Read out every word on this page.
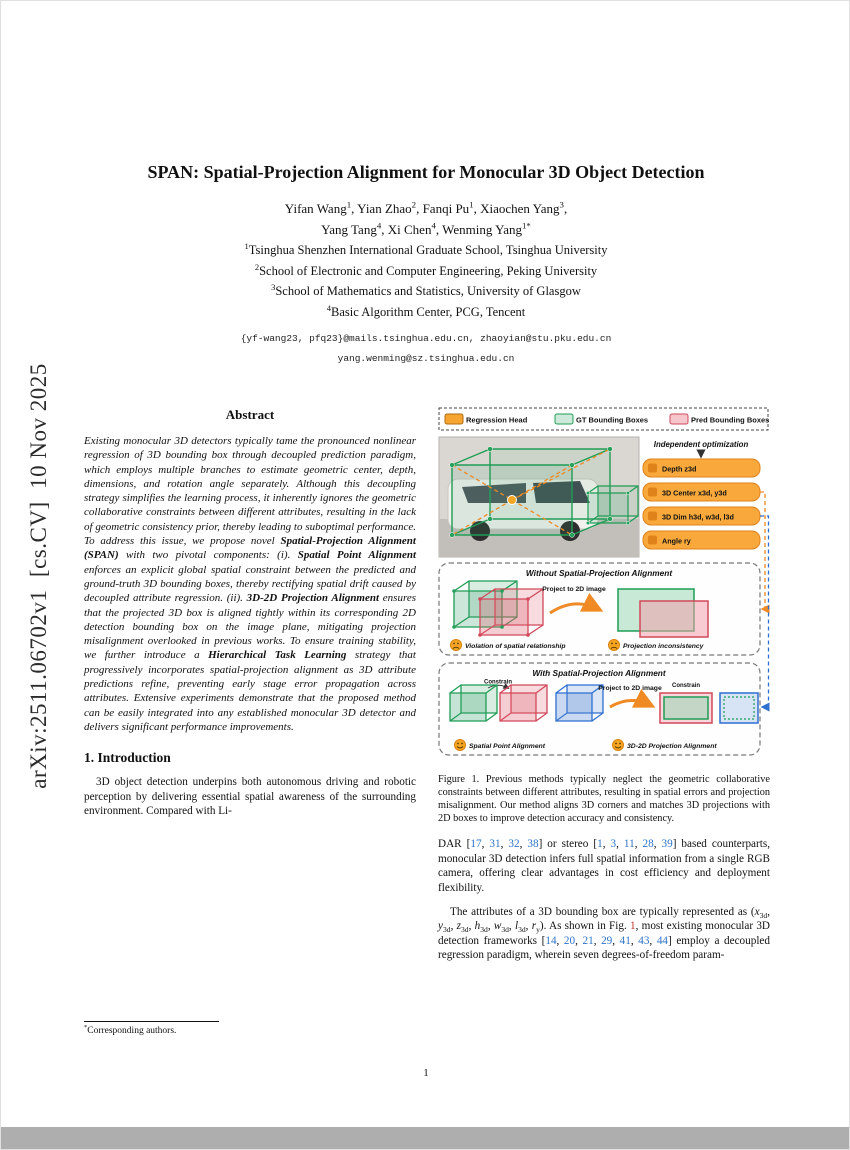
arXiv:2511.06702v1  [cs.CV]  10 Nov 2025
SPAN: Spatial-Projection Alignment for Monocular 3D Object Detection
Yifan Wang$^1$, Yian Zhao$^2$, Fanqi Pu$^1$, Xiaochen Yang$^3$,
Yang Tang$^4$, Xi Chen$^4$, Wenming Yang$^{1*}$
$^1$Tsinghua Shenzhen International Graduate School, Tsinghua University
$^2$School of Electronic and Computer Engineering, Peking University
$^3$School of Mathematics and Statistics, University of Glasgow
$^4$Basic Algorithm Center, PCG, Tencent
{yf-wang23, pfq23}@mails.tsinghua.edu.cn, zhaoyian@stu.pku.edu.cn
yang.wenming@sz.tsinghua.edu.cn
Abstract
Existing monocular 3D detectors typically tame the pronounced nonlinear regression of 3D bounding box through decoupled prediction paradigm, which employs multiple branches to estimate geometric center, depth, dimensions, and rotation angle separately. Although this decoupling strategy simplifies the learning process, it inherently ignores the geometric collaborative constraints between different attributes, resulting in the lack of geometric consistency prior, thereby leading to suboptimal performance. To address this issue, we propose novel Spatial-Projection Alignment (SPAN) with two pivotal components: (i). Spatial Point Alignment enforces an explicit global spatial constraint between the predicted and ground-truth 3D bounding boxes, thereby rectifying spatial drift caused by decoupled attribute regression. (ii). 3D-2D Projection Alignment ensures that the projected 3D box is aligned tightly within its corresponding 2D detection bounding box on the image plane, mitigating projection misalignment overlooked in previous works. To ensure training stability, we further introduce a Hierarchical Task Learning strategy that progressively incorporates spatial-projection alignment as 3D attribute predictions refine, preventing early stage error propagation across attributes. Extensive experiments demonstrate that the proposed method can be easily integrated into any established monocular 3D detector and delivers significant performance improvements.
1. Introduction
3D object detection underpins both autonomous driving and robotic perception by delivering essential spatial awareness of the surrounding environment. Compared with Li-
Regression Head	GT Bounding Boxes	Pred Bounding Boxes
Independent optimization
Depth z3d
3D Center x3d, y3d
3D Dim h3d, w3d, l3d
Angle ry
Without Spatial-Projection Alignment
Project to 2D image
Violation of spatial relationship	Projection inconsistency
With Spatial-Projection Alignment
Constrain
Project to 2D image Constrain
Spatial Point Alignment	3D-2D Projection Alignment
Figure 1. Previous methods typically neglect the geometric collaborative constraints between different attributes, resulting in spatial errors and projection misalignment. Our method aligns 3D corners and matches 3D projections with 2D boxes to improve detection accuracy and consistency.
DAR [17, 31, 32, 38] or stereo [1, 3, 11, 28, 39] based counterparts, monocular 3D detection infers full spatial information from a single RGB camera, offering clear advantages in cost efficiency and deployment flexibility.
The attributes of a 3D bounding box are typically represented as ($x_{3d}$, $y_{3d}$, $z_{3d}$, $h_{3d}$, $w_{3d}$, $l_{3d}$, $r_y$). As shown in Fig. 1, most existing monocular 3D detection frameworks [14, 20, 21, 29, 41, 43, 44] employ a decoupled regression paradigm, wherein seven degrees-of-freedom param-
*Corresponding authors.
1
